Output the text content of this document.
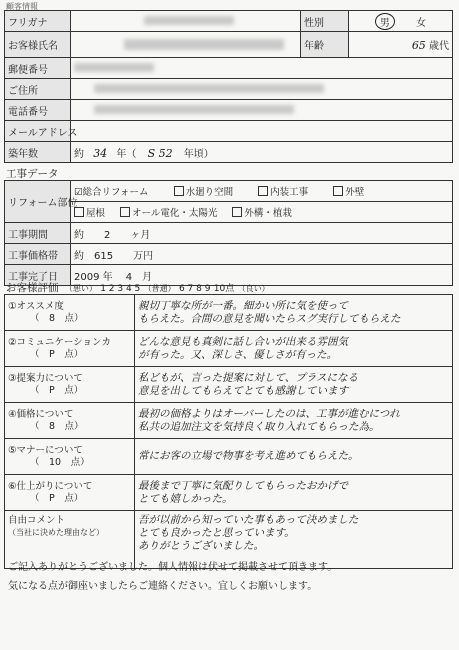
顧客情報
フリガナ		性別	男 女
お客様氏名		年齢	65 歳代
郵便番号			
ご住所			
電話番号			
メールアドレス			
築年数	約 34 年（ S 52 年頃）		
工事データ
リフォーム部位	☑総合リフォーム 水廻り空間 内装工事 外壁
	屋根 オール電化・太陽光 外構・植栽
工事期間	約　　2　　ヶ月
工事価格帯	約　615　　万円
工事完了日	2009 年　 4　月
お客様評価 （悪い） 1 2 3 4 5 （普通） 6 7 8 9 10点 （良い）
①オススメ度
（　8　点）	親切丁寧な所が一番。細かい所に気を使って
もらえた。合間の意見を聞いたらスグ実行してもらえた

②コミュニケーションカ
（　P　点）	どんな意見も真剣に話し合いが出来る雰囲気
が有った。又、深しさ、優しさが有った。

③提案力について
（　P　点）	私どもが、言った提案に対して、プラスになる
意見を出してもらえてとても感謝しています

④価格について
（　8　点）	最初の価格よりはオーバーしたのは、工事が進むにつれ
私共の追加注文を気持良く取り入れてもらった為。

⑤マナーについて
（　10　点）	常にお客の立場で物事を考え進めてもらえた。

⑥仕上がりについて
（　P　点）	最後まで丁寧に気配りしてもらったおかげで
とても嬉しかった。

自由コメント
（当社に決めた理由など）	吾が以前から知っていた事もあって決めました
とても良かったと思っています。
ありがとうございました。
ご記入ありがとうございました。個人情報は伏せて掲載させて頂きます。
気になる点が御座いましたらご連絡ください。宜しくお願いします。
